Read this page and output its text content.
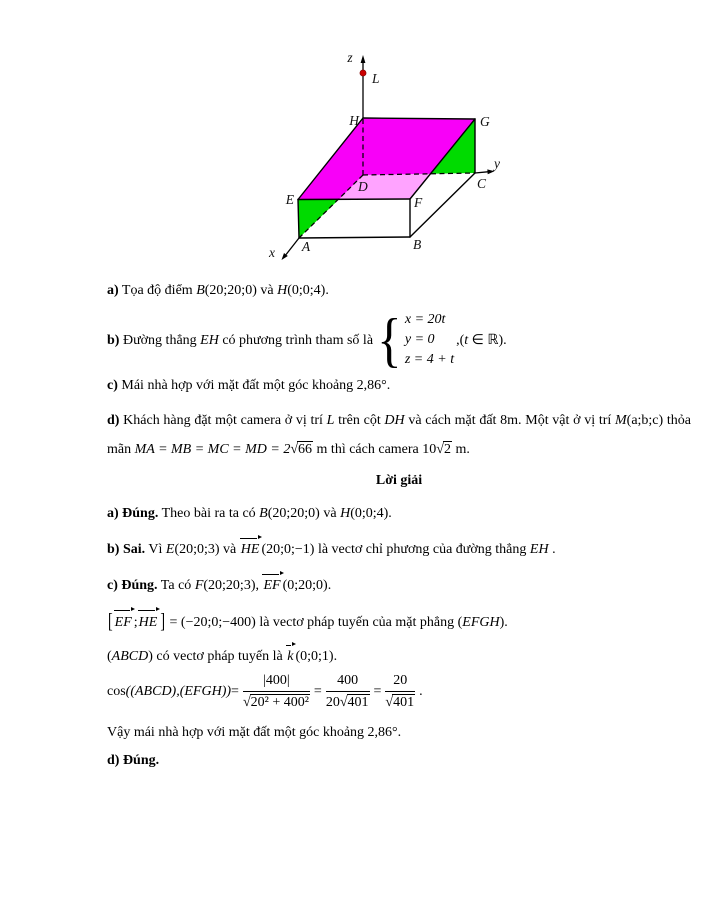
z
L
H	G
y
C
D
E	F
A	B
x

a) Tọa độ điểm B(20;20;0) và H(0;0;4).

b) Đường thẳng EH có phương trình tham số là { x = 20t
y = 0
z = 4 + t
,(t ∈ ℝ).

c) Mái nhà hợp với mặt đất một góc khoảng 2,86°.

d) Khách hàng đặt một camera ở vị trí L trên cột DH và cách mặt đất 8m. Một vật ở vị trí M(a;b;c) thỏa mãn MA = MB = MC = MD = 2√66 m thì cách camera 10√2 m.

Lời giải

a) Đúng. Theo bài ra ta có B(20;20;0) và H(0;0;4).

b) Sai. Vì E(20;0;3) và HE (20;0;−1) là vectơ chỉ phương của đường thẳng EH .

c) Đúng. Ta có F(20;20;3), EF (0;20;0).

[ EF ;HE ] = (−20;0;−400) là vectơ pháp tuyến của mặt phẳng (EFGH).

(ABCD) có vectơ pháp tuyến là k (0;0;1).

cos ((ABCD),(EFGH)) = $\frac{|400|}{\text{√20² + 400²}} = \frac{400}{20√401} = \frac{20}{√401}$ .

Vậy mái nhà hợp với mặt đất một góc khoảng 2,86°.

d) Đúng.
